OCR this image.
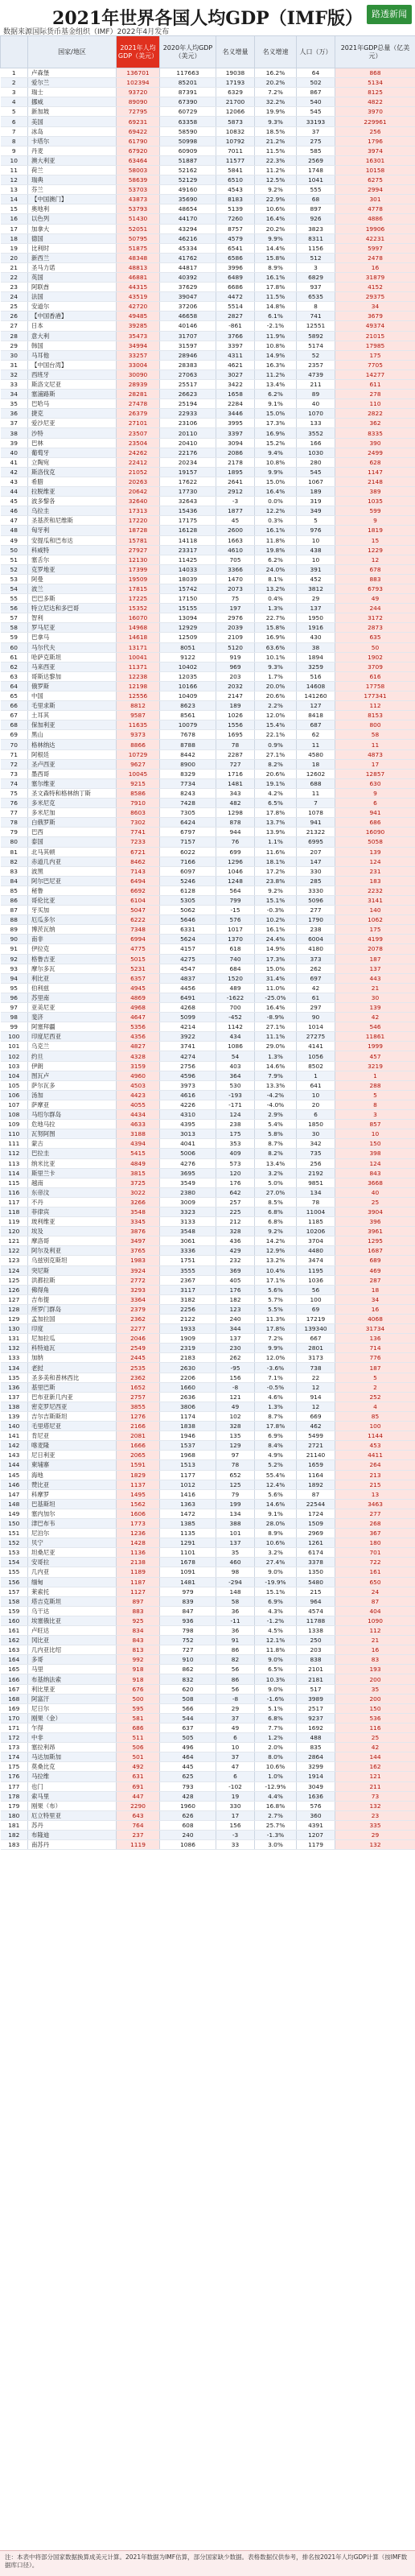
2021年世界各国人均GDP（IMF版）	路透新闻
数据来源国际货币基金组织（IMF）2022年4月发布
	国家/地区	2021年人均GDP（美元）	2020年人均GDP（美元）	名义增量	名义增速	人口（万）	2021年GDP总量（亿美元）
1	卢森堡	136701	117663	19038	16.2%	64	868
2	爱尔兰	102394	85201	17193	20.2%	502	5134
3	瑞士	93720	87391	6329	7.2%	867	8125
4	挪威	89090	67390	21700	32.2%	540	4822
5	新加坡	72795	60729	12066	19.9%	545	3970
6	美国	69231	63358	5873	9.3%	33193	229961
7	冰岛	69422	58590	10832	18.5%	37	256
8	卡塔尔	61790	50998	10792	21.2%	275	1796
9	丹麦	67920	60909	7011	11.5%	585	3974
10	澳大利亚	63464	51887	11577	22.3%	2569	16301
11	荷兰	58003	52162	5841	11.2%	1748	10158
12	瑞典	58639	52129	6510	12.5%	1041	6275
13	芬兰	53703	49160	4543	9.2%	555	2994
14	【中国澳门】	43873	35690	8183	22.9%	68	301
15	奥地利	53793	48654	5139	10.6%	897	4778
16	以色列	51430	44170	7260	16.4%	926	4886
17	加拿大	52051	43294	8757	20.2%	3823	19906
18	德国	50795	46216	4579	9.9%	8311	42231
19	比利时	51875	45334	6541	14.4%	1156	5997
20	新西兰	48348	41762	6586	15.8%	512	2478
21	圣马力诺	48813	44817	3996	8.9%	3	16
22	英国	46881	40392	6489	16.1%	6829	31879
23	阿联酋	44315	37629	6686	17.8%	937	4152
24	法国	43519	39047	4472	11.5%	6535	29375
25	安道尔	42720	37206	5514	14.8%	8	34
26	【中国香港】	49485	46658	2827	6.1%	741	3679
27	日本	39285	40146	-861	-2.1%	12551	49374
28	意大利	35473	31707	3766	11.9%	5892	21015
29	韩国	34994	31597	3397	10.8%	5174	17985
30	马耳他	33257	28946	4311	14.9%	52	175
31	【中国台湾】	33004	28383	4621	16.3%	2357	7705
32	西班牙	30090	27063	3027	11.2%	4739	14277
33	斯洛文尼亚	28939	25517	3422	13.4%	211	611
34	塞浦路斯	28281	26623	1658	6.2%	89	278
35	巴哈马	27478	25194	2284	9.1%	40	110
36	捷克	26379	22933	3446	15.0%	1070	2822
37	爱沙尼亚	27101	23106	3995	17.3%	133	362
38	沙特	23507	20110	3397	16.9%	3552	8335
39	巴林	23504	20410	3094	15.2%	166	390
40	葡萄牙	24262	22176	2086	9.4%	1030	2499
41	立陶宛	22412	20234	2178	10.8%	280	628
42	斯洛伐克	21052	19157	1895	9.9%	545	1147
43	希腊	20263	17622	2641	15.0%	1067	2148
44	拉脱维亚	20642	17730	2912	16.4%	189	389
45	波多黎各	32640	32643	-3	0.0%	319	1035
46	乌拉圭	17313	15436	1877	12.2%	349	599
47	圣基茨和尼维斯	17220	17175	45	0.3%	5	9
48	匈牙利	18728	16128	2600	16.1%	976	1819
49	安提瓜和巴布达	15781	14118	1663	11.8%	10	15
50	科威特	27927	23317	4610	19.8%	438	1229
51	塞舌尔	12130	11425	705	6.2%	10	12
52	克罗地亚	17399	14033	3366	24.0%	391	678
53	阿曼	19509	18039	1470	8.1%	452	883
54	波兰	17815	15742	2073	13.2%	3812	6793
55	巴巴多斯	17225	17150	75	0.4%	29	49
56	特立尼达和多巴哥	15352	15155	197	1.3%	137	244
57	智利	16070	13094	2976	22.7%	1950	3172
58	罗马尼亚	14968	12929	2039	15.8%	1916	2873
59	巴拿马	14618	12509	2109	16.9%	430	635
60	马尔代夫	13171	8051	5120	63.6%	38	50
61	哈萨克斯坦	10041	9122	919	10.1%	1894	1902
62	马来西亚	11371	10402	969	9.3%	3259	3709
63	哥斯达黎加	12238	12035	203	1.7%	516	616
64	俄罗斯	12198	10166	2032	20.0%	14608	17758
65	中国	12556	10409	2147	20.6%	141260	177341
66	毛里求斯	8812	8623	189	2.2%	127	112
67	土耳其	9587	8561	1026	12.0%	8418	8153
68	保加利亚	11635	10079	1556	15.4%	687	800
69	黑山	9373	7678	1695	22.1%	62	58
70	格林纳达	8866	8788	78	0.9%	11	11
71	阿根廷	10729	8442	2287	27.1%	4580	4873
72	圣卢西亚	9627	8900	727	8.2%	18	17
73	墨西哥	10045	8329	1716	20.6%	12602	12857
74	塞尔维亚	9215	7734	1481	19.1%	688	630
75	圣文森特和格林纳丁斯	8586	8243	343	4.2%	11	9
76	多米尼克	7910	7428	482	6.5%	7	6
77	多米尼加	8603	7305	1298	17.8%	1078	941
78	白俄罗斯	7302	6424	878	13.7%	941	686
79	巴西	7741	6797	944	13.9%	21322	16090
80	泰国	7233	7157	76	1.1%	6995	5058
81	北马其顿	6721	6022	699	11.6%	207	139
82	赤道几内亚	8462	7166	1296	18.1%	147	124
83	波黑	7143	6097	1046	17.2%	330	231
84	阿尔巴尼亚	6494	5246	1248	23.8%	285	183
85	秘鲁	6692	6128	564	9.2%	3330	2232
86	哥伦比亚	6104	5305	799	15.1%	5096	3141
87	牙买加	5047	5062	-15	-0.3%	277	140
88	厄瓜多尔	6222	5646	576	10.2%	1790	1062
89	博茨瓦纳	7348	6331	1017	16.1%	238	175
90	南非	6994	5624	1370	24.4%	6004	4199
91	伊拉克	4775	4157	618	14.9%	4180	2078
92	格鲁吉亚	5015	4275	740	17.3%	373	187
93	摩尔多瓦	5231	4547	684	15.0%	262	137
94	利比亚	6357	4837	1520	31.4%	697	443
95	伯利兹	4945	4456	489	11.0%	42	21
96	苏里南	4869	6491	-1622	-25.0%	61	30
97	亚美尼亚	4968	4268	700	16.4%	297	139
98	斐济	4647	5099	-452	-8.9%	90	42
99	阿塞拜疆	5356	4214	1142	27.1%	1014	546
100	印度尼西亚	4356	3922	434	11.1%	27275	11861
101	乌克兰	4827	3741	1086	29.0%	4141	1999
102	约旦	4328	4274	54	1.3%	1056	457
103	伊朗	3159	2756	403	14.6%	8502	3219
104	图瓦卢	4960	4596	364	7.9%	1	1
105	萨尔瓦多	4503	3973	530	13.3%	641	288
106	汤加	4423	4616	-193	-4.2%	10	5
107	萨摩亚	4055	4226	-171	-4.0%	20	8
108	马绍尔群岛	4434	4310	124	2.9%	6	3
109	危地马拉	4633	4395	238	5.4%	1850	857
110	瓦努阿图	3188	3013	175	5.8%	30	10
111	蒙古	4394	4041	353	8.7%	342	150
112	巴拉圭	5415	5006	409	8.2%	735	398
113	纳米比亚	4849	4276	573	13.4%	256	124
114	斯里兰卡	3815	3695	120	3.2%	2192	843
115	越南	3725	3549	176	5.0%	9851	3668
116	东帝汶	3022	2380	642	27.0%	134	40
117	不丹	3266	3009	257	8.5%	78	25
118	菲律宾	3548	3323	225	6.8%	11004	3904
119	玻利维亚	3345	3133	212	6.8%	1185	396
120	埃及	3876	3548	328	9.2%	10206	3961
121	摩洛哥	3497	3061	436	14.2%	3704	1295
122	阿尔及利亚	3765	3336	429	12.9%	4480	1687
123	乌兹别克斯坦	1983	1751	232	13.2%	3474	689
124	突尼斯	3924	3555	369	10.4%	1195	469
125	洪都拉斯	2772	2367	405	17.1%	1036	287
126	佛得角	3293	3117	176	5.6%	56	18
127	吉布提	3364	3182	182	5.7%	100	34
128	所罗门群岛	2379	2256	123	5.5%	69	16
129	孟加拉国	2362	2122	240	11.3%	17219	4068
130	印度	2277	1933	344	17.8%	139340	31734
131	尼加拉瓜	2046	1909	137	7.2%	667	136
132	科特迪瓦	2549	2319	230	9.9%	2801	714
133	加纳	2445	2183	262	12.0%	3173	776
134	老挝	2535	2630	-95	-3.6%	738	187
135	圣多美和普林西比	2362	2206	156	7.1%	22	5
136	基里巴斯	1652	1660	-8	-0.5%	12	2
137	巴布亚新几内亚	2757	2636	121	4.6%	914	252
138	密克罗尼西亚	3855	3806	49	1.3%	12	4
139	吉尔吉斯斯坦	1276	1174	102	8.7%	669	85
140	毛里塔尼亚	2166	1838	328	17.8%	462	100
141	肯尼亚	2081	1946	135	6.9%	5499	1144
142	喀麦隆	1666	1537	129	8.4%	2721	453
143	尼日利亚	2065	1968	97	4.9%	21140	4411
144	柬埔寨	1591	1513	78	5.2%	1659	264
145	海地	1829	1177	652	55.4%	1164	213
146	赞比亚	1137	1012	125	12.4%	1892	215
147	科摩罗	1495	1416	79	5.6%	87	13
148	巴基斯坦	1562	1363	199	14.6%	22544	3463
149	塞内加尔	1606	1472	134	9.1%	1724	277
150	津巴布韦	1773	1385	388	28.0%	1509	268
151	尼泊尔	1236	1135	101	8.9%	2969	367
152	贝宁	1428	1291	137	10.6%	1261	180
153	坦桑尼亚	1136	1101	35	3.2%	6174	701
154	安哥拉	2138	1678	460	27.4%	3378	722
155	几内亚	1189	1091	98	9.0%	1350	161
156	缅甸	1187	1481	-294	-19.9%	5480	650
157	莱索托	1127	979	148	15.1%	215	24
158	塔吉克斯坦	897	839	58	6.9%	964	87
159	乌干达	883	847	36	4.3%	4574	404
160	埃塞俄比亚	925	936	-11	-1.2%	11788	1090
161	卢旺达	834	798	36	4.5%	1338	112
162	冈比亚	843	752	91	12.1%	250	21
163	几内亚比绍	813	727	86	11.8%	203	16
164	多哥	992	910	82	9.0%	838	83
165	马里	918	862	56	6.5%	2101	193
166	布基纳法索	918	832	86	10.3%	2181	200
167	利比里亚	676	620	56	9.0%	517	35
168	阿富汗	500	508	-8	-1.6%	3989	200
169	尼日尔	595	566	29	5.1%	2517	150
170	刚果（金）	581	544	37	6.8%	9237	536
171	乍得	686	637	49	7.7%	1692	116
172	中非	511	505	6	1.2%	488	25
173	塞拉利昂	506	496	10	2.0%	835	42
174	马达加斯加	501	464	37	8.0%	2864	144
175	莫桑比克	492	445	47	10.6%	3299	162
176	马拉维	631	625	6	1.0%	1914	121
177	也门	691	793	-102	-12.9%	3049	211
178	索马里	447	428	19	4.4%	1636	73
179	刚果（布）	2290	1960	330	16.8%	576	132
180	厄立特里亚	643	626	17	2.7%	360	23
181	苏丹	764	608	156	25.7%	4391	335
182	布隆迪	237	240	-3	-1.3%	1207	29
183	南苏丹	1119	1086	33	3.0%	1179	132
注：本表中将部分国家数据换算成美元计算。2021年数据为IMF估算，部分国家缺少数据。表格数据仅供参考，排名按2021年人均GDP计算（按IMF数据库口径）。
